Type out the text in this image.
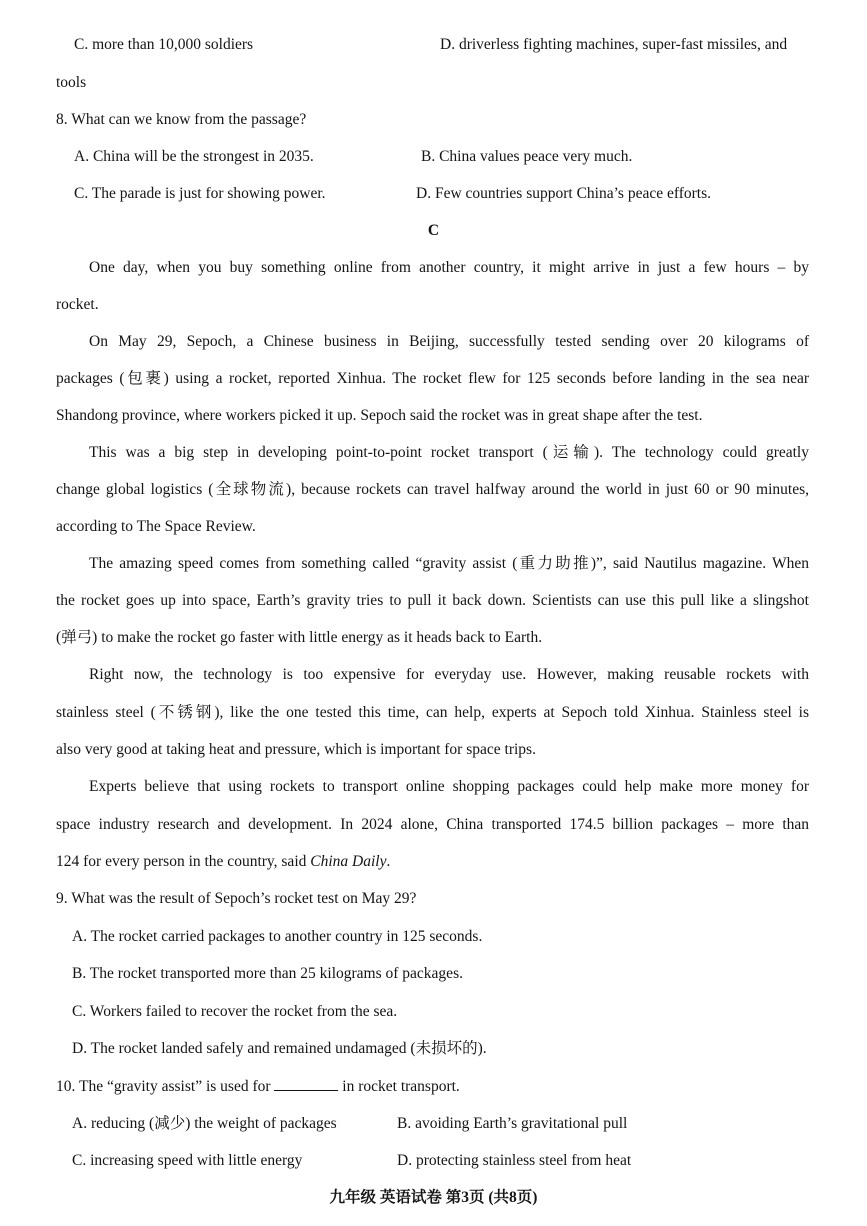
C. more than 10,000 soldiers	D. driverless fighting machines, super-fast missiles, and
tools
8. What can we know from the passage?
A. China will be the strongest in 2035.	B. China values peace very much.
C. The parade is just for showing power.	D. Few countries support China’s peace efforts.
C
One day, when you buy something online from another country, it might arrive in just a few hours – by
rocket.
On May 29, Sepoch, a Chinese business in Beijing, successfully tested sending over 20 kilograms of
packages (包裹) using a rocket, reported Xinhua. The rocket flew for 125 seconds before landing in the sea near
Shandong province, where workers picked it up. Sepoch said the rocket was in great shape after the test.
This was a big step in developing point-to-point rocket transport (运输). The technology could greatly
change global logistics (全球物流), because rockets can travel halfway around the world in just 60 or 90 minutes,
according to The Space Review.
The amazing speed comes from something called “gravity assist (重力助推)”, said Nautilus magazine. When
the rocket goes up into space, Earth’s gravity tries to pull it back down. Scientists can use this pull like a slingshot
(弹弓) to make the rocket go faster with little energy as it heads back to Earth.
Right now, the technology is too expensive for everyday use. However, making reusable rockets with
stainless steel (不锈钢), like the one tested this time, can help, experts at Sepoch told Xinhua. Stainless steel is
also very good at taking heat and pressure, which is important for space trips.
Experts believe that using rockets to transport online shopping packages could help make more money for
space industry research and development. In 2024 alone, China transported 174.5 billion packages – more than
124 for every person in the country, said China Daily.
9. What was the result of Sepoch’s rocket test on May 29?
A. The rocket carried packages to another country in 125 seconds.
B. The rocket transported more than 25 kilograms of packages.
C. Workers failed to recover the rocket from the sea.
D. The rocket landed safely and remained undamaged (未损坏的).
10. The “gravity assist” is used for	in rocket transport.
A. reducing (减少) the weight of packages	B. avoiding Earth’s gravitational pull
C. increasing speed with little energy	D. protecting stainless steel from heat
九年级 英语试卷 第3页 (共8页)
